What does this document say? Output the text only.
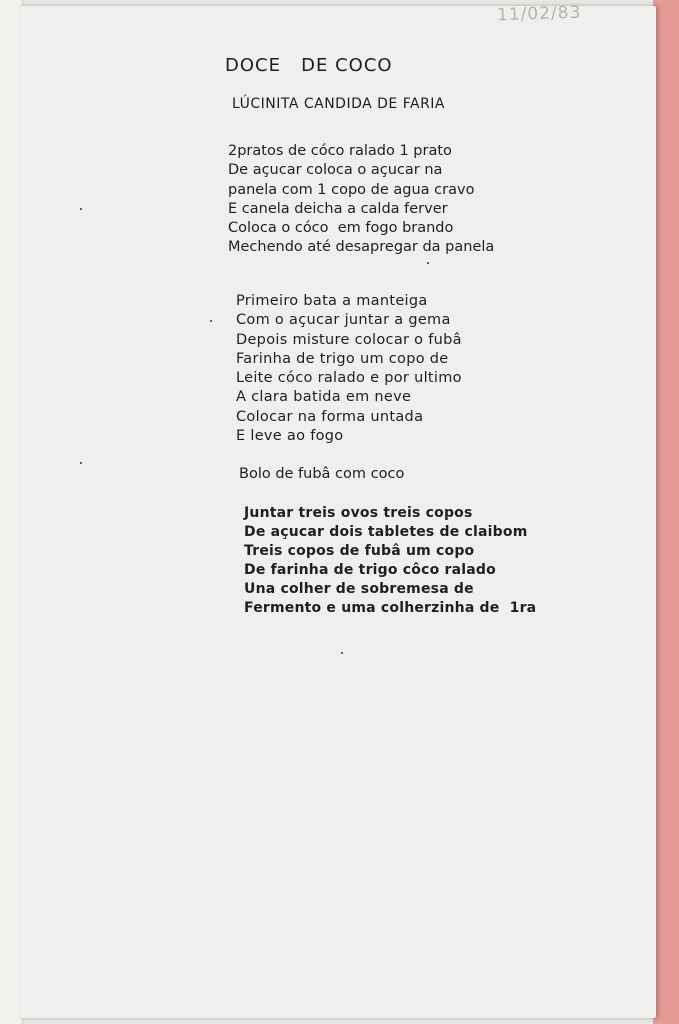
11/02/83
DOCE   DE COCO
LÚCINITA CANDIDA DE FARIA
2pratos de cóco ralado 1 prato
De açucar coloca o açucar na
panela com 1 copo de agua cravo
E canela deicha a calda ferver
Coloca o cóco  em fogo brando
Mechendo até desapregar da panela
Primeiro bata a manteiga
Com o açucar juntar a gema
Depois misture colocar o fubâ
Farinha de trigo um copo de
Leite cóco ralado e por ultimo
A clara batida em neve
Colocar na forma untada
E leve ao fogo
Bolo de fubâ com coco
Juntar treis ovos treis copos
De açucar dois tabletes de claibom
Treis copos de fubâ um copo
De farinha de trigo côco ralado
Una colher de sobremesa de
Fermento e uma colherzinha de  1ra
